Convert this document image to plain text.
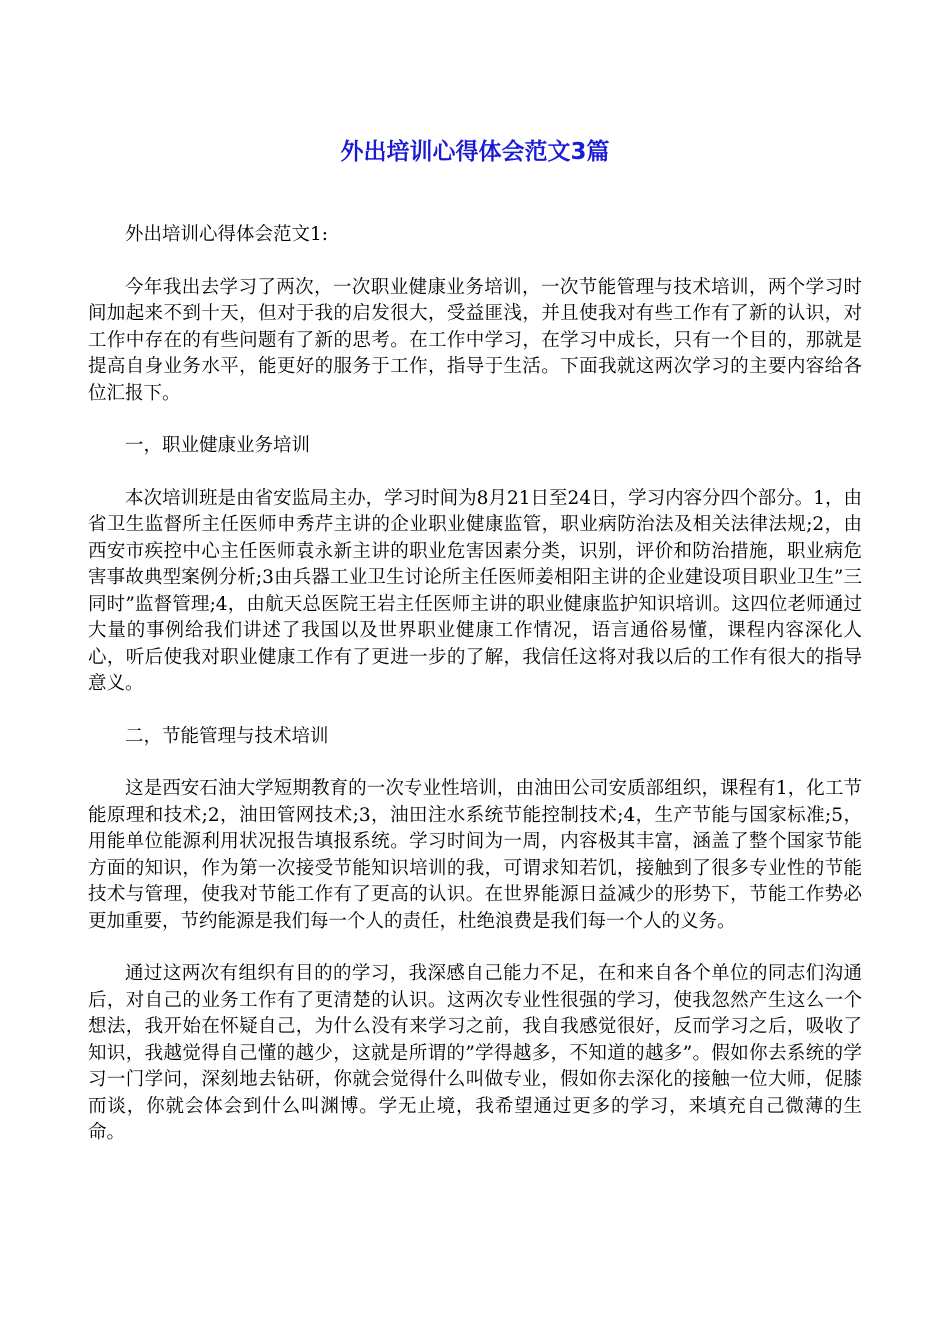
外出培训心得体会范文3篇

外出培训心得体会范文1:

今年我出去学习了两次，一次职业健康业务培训，一次节能管理与技术培训，两个学习时间加起来不到十天，但对于我的启发很大，受益匪浅，并且使我对有些工作有了新的认识，对工作中存在的有些问题有了新的思考。在工作中学习，在学习中成长，只有一个目的，那就是提高自身业务水平，能更好的服务于工作，指导于生活。下面我就这两次学习的主要内容给各位汇报下。

一，职业健康业务培训

本次培训班是由省安监局主办，学习时间为8月21日至24日，学习内容分四个部分。1，由省卫生监督所主任医师申秀芹主讲的企业职业健康监管，职业病防治法及相关法律法规;2，由西安市疾控中心主任医师袁永新主讲的职业危害因素分类，识别，评价和防治措施，职业病危害事故典型案例分析;3由兵器工业卫生讨论所主任医师姜相阳主讲的企业建设项目职业卫生”三同时”监督管理;4，由航天总医院王岩主任医师主讲的职业健康监护知识培训。这四位老师通过大量的事例给我们讲述了我国以及世界职业健康工作情况，语言通俗易懂，课程内容深化人心，听后使我对职业健康工作有了更进一步的了解，我信任这将对我以后的工作有很大的指导意义。

二，节能管理与技术培训

这是西安石油大学短期教育的一次专业性培训，由油田公司安质部组织，课程有1，化工节能原理和技术;2，油田管网技术;3，油田注水系统节能控制技术;4，生产节能与国家标准;5，用能单位能源利用状况报告填报系统。学习时间为一周，内容极其丰富，涵盖了整个国家节能方面的知识，作为第一次接受节能知识培训的我，可谓求知若饥，接触到了很多专业性的节能技术与管理，使我对节能工作有了更高的认识。在世界能源日益减少的形势下，节能工作势必更加重要，节约能源是我们每一个人的责任，杜绝浪费是我们每一个人的义务。

通过这两次有组织有目的的学习，我深感自己能力不足，在和来自各个单位的同志们沟通后，对自己的业务工作有了更清楚的认识。这两次专业性很强的学习，使我忽然产生这么一个想法，我开始在怀疑自己，为什么没有来学习之前，我自我感觉很好，反而学习之后，吸收了知识，我越觉得自己懂的越少，这就是所谓的”学得越多，不知道的越多”。假如你去系统的学习一门学问，深刻地去钻研，你就会觉得什么叫做专业，假如你去深化的接触一位大师，促膝而谈，你就会体会到什么叫渊博。学无止境，我希望通过更多的学习，来填充自己微薄的生命。
